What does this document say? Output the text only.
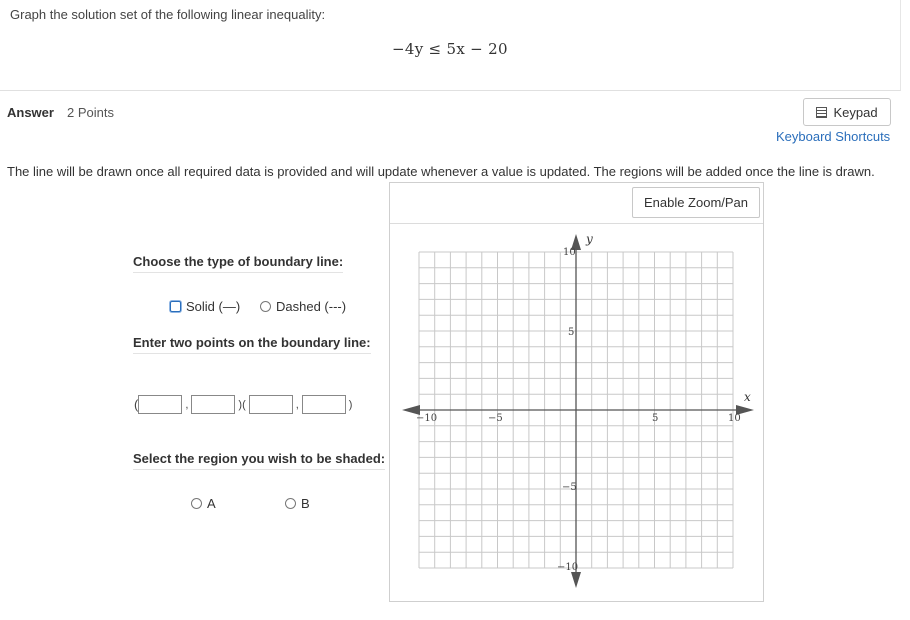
Graph the solution set of the following linear inequality:
−4y ≤ 5x − 20
Answer 2 Points	Keypad
Keyboard Shortcuts
The line will be drawn once all required data is provided and will update whenever a value is updated. The regions will be added once the line is drawn.
Choose the type of boundary line:
Solid (—)	Dashed (---)
Enter two points on the boundary line:
(	,	)(	,	)
Select the region you wish to be shaded:
A	B
Enable Zoom/Pan
−10	−5	5	10
10
5
−5
−10
x
y
